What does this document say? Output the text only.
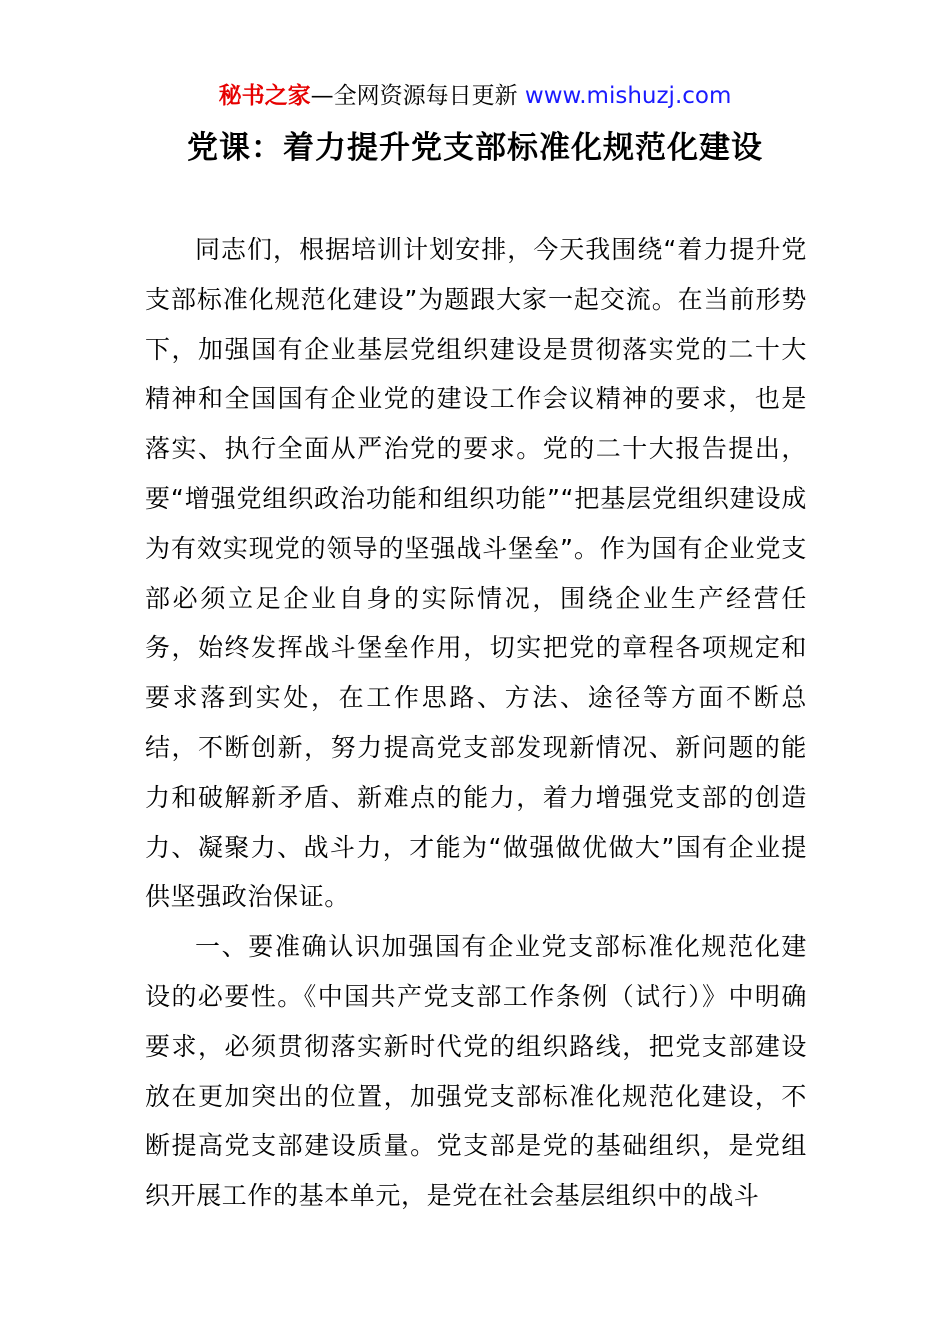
秘书之家—全网资源每日更新 www.mishuzj.com
党课：着力提升党支部标准化规范化建设

同志们，根据培训计划安排，今天我围绕“着力提升党支部标准化规范化建设”为题跟大家一起交流。在当前形势下，加强国有企业基层党组织建设是贯彻落实党的二十大精神和全国国有企业党的建设工作会议精神的要求，也是落实、执行全面从严治党的要求。党的二十大报告提出，要“增强党组织政治功能和组织功能”“把基层党组织建设成为有效实现党的领导的坚强战斗堡垒”。作为国有企业党支部必须立足企业自身的实际情况，围绕企业生产经营任务，始终发挥战斗堡垒作用，切实把党的章程各项规定和要求落到实处，在工作思路、方法、途径等方面不断总结，不断创新，努力提高党支部发现新情况、新问题的能力和破解新矛盾、新难点的能力，着力增强党支部的创造力、凝聚力、战斗力，才能为“做强做优做大”国有企业提供坚强政治保证。

一、要准确认识加强国有企业党支部标准化规范化建设的必要性。《中国共产党支部工作条例（试行）》中明确要求，必须贯彻落实新时代党的组织路线，把党支部建设放在更加突出的位置，加强党支部标准化规范化建设，不断提高党支部建设质量。党支部是党的基础组织，是党组织开展工作的基本单元，是党在社会基层组织中的战斗
